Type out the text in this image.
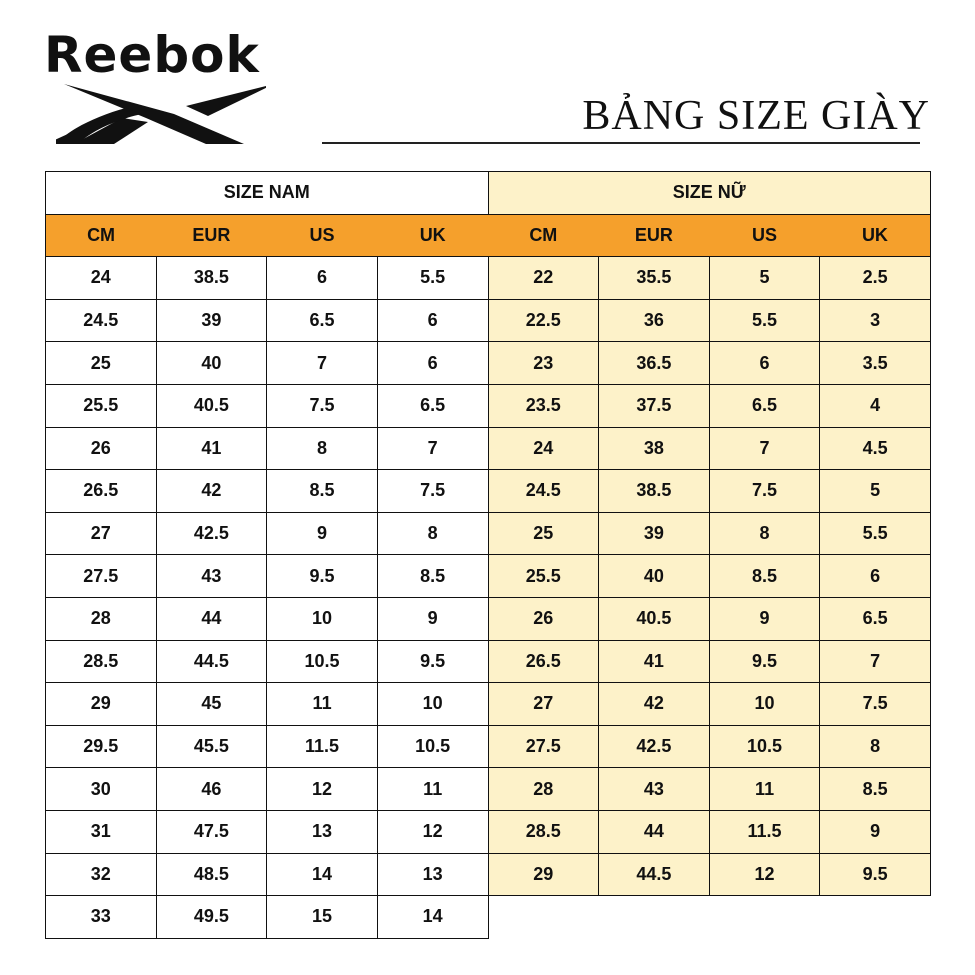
Reebok
BẢNG SIZE GIÀY
SIZE NAM				SIZE NỮ			
CM	EUR	US	UK	CM	EUR	US	UK
24	38.5	6	5.5	22	35.5	5	2.5
24.5	39	6.5	6	22.5	36	5.5	3
25	40	7	6	23	36.5	6	3.5
25.5	40.5	7.5	6.5	23.5	37.5	6.5	4
26	41	8	7	24	38	7	4.5
26.5	42	8.5	7.5	24.5	38.5	7.5	5
27	42.5	9	8	25	39	8	5.5
27.5	43	9.5	8.5	25.5	40	8.5	6
28	44	10	9	26	40.5	9	6.5
28.5	44.5	10.5	9.5	26.5	41	9.5	7
29	45	11	10	27	42	10	7.5
29.5	45.5	11.5	10.5	27.5	42.5	10.5	8
30	46	12	11	28	43	11	8.5
31	47.5	13	12	28.5	44	11.5	9
32	48.5	14	13	29	44.5	12	9.5
33	49.5	15	14				
